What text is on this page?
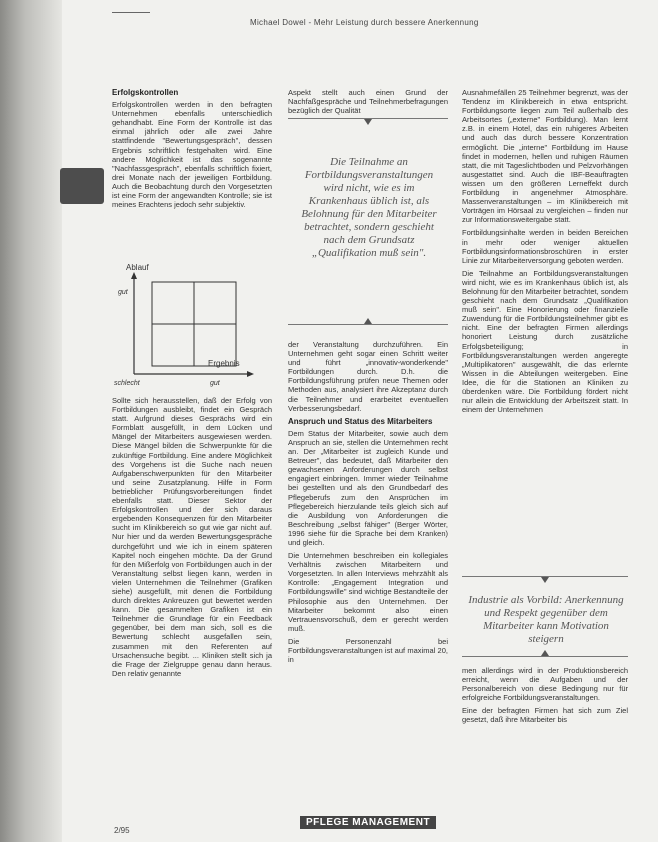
Michael Dowel - Mehr Leistung durch bessere Anerkennung
Erfolgskontrollen

Erfolgskontrollen werden in den befragten Unternehmen ebenfalls unterschiedlich gehandhabt. Eine Form der Kontrolle ist das einmal jährlich oder alle zwei Jahre stattfindende "Bewertungsgespräch", dessen Ergebnis schriftlich festgehalten wird. Eine andere Möglichkeit ist das sogenannte "Nachfassgespräch", ebenfalls schriftlich fixiert, drei Monate nach der jeweiligen Fortbildung. Auch die Beobachtung durch den Vorgesetzten ist eine Form der angewandten Kontrolle; sie ist meines Erachtens jedoch sehr subjektiv.

Ablauf
gut
Ergebnis
schlecht	gut

Sollte sich herausstellen, daß der Erfolg von Fortbildungen ausbleibt, findet ein Gespräch statt. Aufgrund dieses Gesprächs wird ein Formblatt ausgefüllt, in dem Lücken und Mängel der Mitarbeiters ausgewiesen werden. Diese Mängel bilden die Schwerpunkte für die zukünftige Fortbildung. Eine andere Möglichkeit des Vorgehens ist die Suche nach neuen Aufgabenschwerpunkten für den Mitarbeiter und seine Zusatzplanung. Hilfe in Form betrieblicher Prüfungsvorbereitungen findet ebenfalls statt. Dieser Sektor der Erfolgskontrollen und der sich daraus ergebenden Konsequenzen für den Mitarbeiter sucht im Klinikbereich so gut wie gar nicht auf. Nur hier und da werden Bewertungsgespräche durchgeführt und wie ich in einem späteren Kapitel noch eingehen möchte. Da der Grund für den Mißerfolg von Fortbildungen auch in der Veranstaltung selbst liegen kann, werden in vielen Unternehmen die Teilnehmer (Grafiken siehe) ausgefüllt, mit denen die Fortbildung durch direktes Ankreuzen gut bewertet werden kann. Die gesammelten Grafiken ist ein Teilnehmer die Grundlage für ein Feedback gegenüber, bei dem man sich, soll es die Bewertung schlecht ausgefallen sein, zusammen mit den Referenten auf Ursachensuche begibt. ... Kliniken stellt sich ja die Frage der Zielgruppe genau dann heraus. Den relativ genannte

Aspekt stellt auch einen Grund der Nachfaßgespräche und Teilnehmerbefragungen bezüglich der Qualität

Die Teilnahme an Fortbildungsveranstaltungen wird nicht, wie es im Krankenhaus üblich ist, als Belohnung für den Mitarbeiter betrachtet, sondern geschieht nach dem Grundsatz „Qualifikation muß sein".

der Veranstaltung durchzuführen. Ein Unternehmen geht sogar einen Schritt weiter und führt „innovativ-wonderkende" Fortbildungen durch. D.h. die Fortbildungsführung prüfen neue Themen oder Methoden aus, analysiert ihre Akzeptanz durch die Teilnehmer und erarbeitet eventuellen Verbesserungsbedarf.

Anspruch und Status des Mitarbeiters

Dem Status der Mitarbeiter, sowie auch dem Anspruch an sie, stellen die Unternehmen recht an. Der „Mitarbeiter ist zugleich Kunde und Betreuer", das bedeutet, daß Mitarbeiter den gewachsenen Anforderungen durch selbst engagiert einbringen. Immer wieder Teilnahme bei gestellten und als den Grundbedarf des Pflegeberufs zum den Ansprüchen im Pflegebereich hierzulande teils gleich sich auf die Ausbildung von Anforderungen die Beschreibung „selbst fähiger" (Berger Wörter, 1996 siehe für die Sprache bei dem Kranken) und gleich.

Die Unternehmen beschreiben ein kollegiales Verhältnis zwischen Mitarbeitern und Vorgesetzten. In allen Interviews mehrzählt als Kontrolle: „Engagement Integration und Fortbildungswille" sind wichtige Bestandteile der Philosophie aus den Unternehmen. Der Mitarbeiter bekommt also einen Vertrauensvorschuß, dem er gerecht werden muß.

Die Personenzahl bei Fortbildungsveranstaltungen ist auf maximal 20, in

Ausnahmefällen 25 Teilnehmer begrenzt, was der Tendenz im Klinikbereich in etwa entspricht. Fortbildungsorte liegen zum Teil außerhalb des Arbeitsortes („externe" Fortbildung). Man lernt z.B. in einem Hotel, das ein ruhigeres Arbeiten und auch das durch bessere Konzentration ermöglicht. Die „interne" Fortbildung im Hause findet in modernen, hellen und ruhigen Räumen statt, die mit Tageslichtboden und Pelzvorhängen ausgestattet sind. Auch die IBF-Beauftragten wissen um den größeren Lerneffekt durch Fortbildung in angenehmer Atmosphäre. Massenveranstaltungen – im Klinikbereich mit Vorträgen im Hörsaal zu vergleichen – finden nur zur Informationsweitergabe statt.

Fortbildungsinhalte werden in beiden Bereichen in mehr oder weniger aktuellen Fortbildungsinformationsbroschüren in erster Linie zur Mitarbeiterversorgung geboten werden.

Die Teilnahme an Fortbildungsveranstaltungen wird nicht, wie es im Krankenhaus üblich ist, als Belohnung für den Mitarbeiter betrachtet, sondern geschieht nach dem Grundsatz „Qualifikation muß sein". Eine Honorierung oder finanzielle Zuwendung für die Fortbildungsteilnehmer gibt es nicht. Eine der befragten Firmen allerdings honoriert Leistung durch zusätzliche Erfolgsbeteiligung; in Fortbildungsveranstaltungen werden angeregte „Multiplikatoren" ausgewählt, die das erlernte Wissen in die Abteilungen weitergeben. Eine Idee, die für die Stationen an Kliniken zu überdenken wäre. Die Fortbildung fördert nicht nur allein die Entwicklung der Arbeitszeit statt. In einem der Unternehmen

Industrie als Vorbild: Anerkennung und Respekt gegenüber dem Mitarbeiter kann Motivation steigern

men allerdings wird in der Produktionsbereich erreicht, wenn die Aufgaben und der Personalbereich von diese Bedingung nur für erfolgreiche Fortbildungsveranstaltungen.

Eine der befragten Firmen hat sich zum Ziel gesetzt, daß ihre Mitarbeiter bis

2/95
PFLEGE MANAGEMENT
